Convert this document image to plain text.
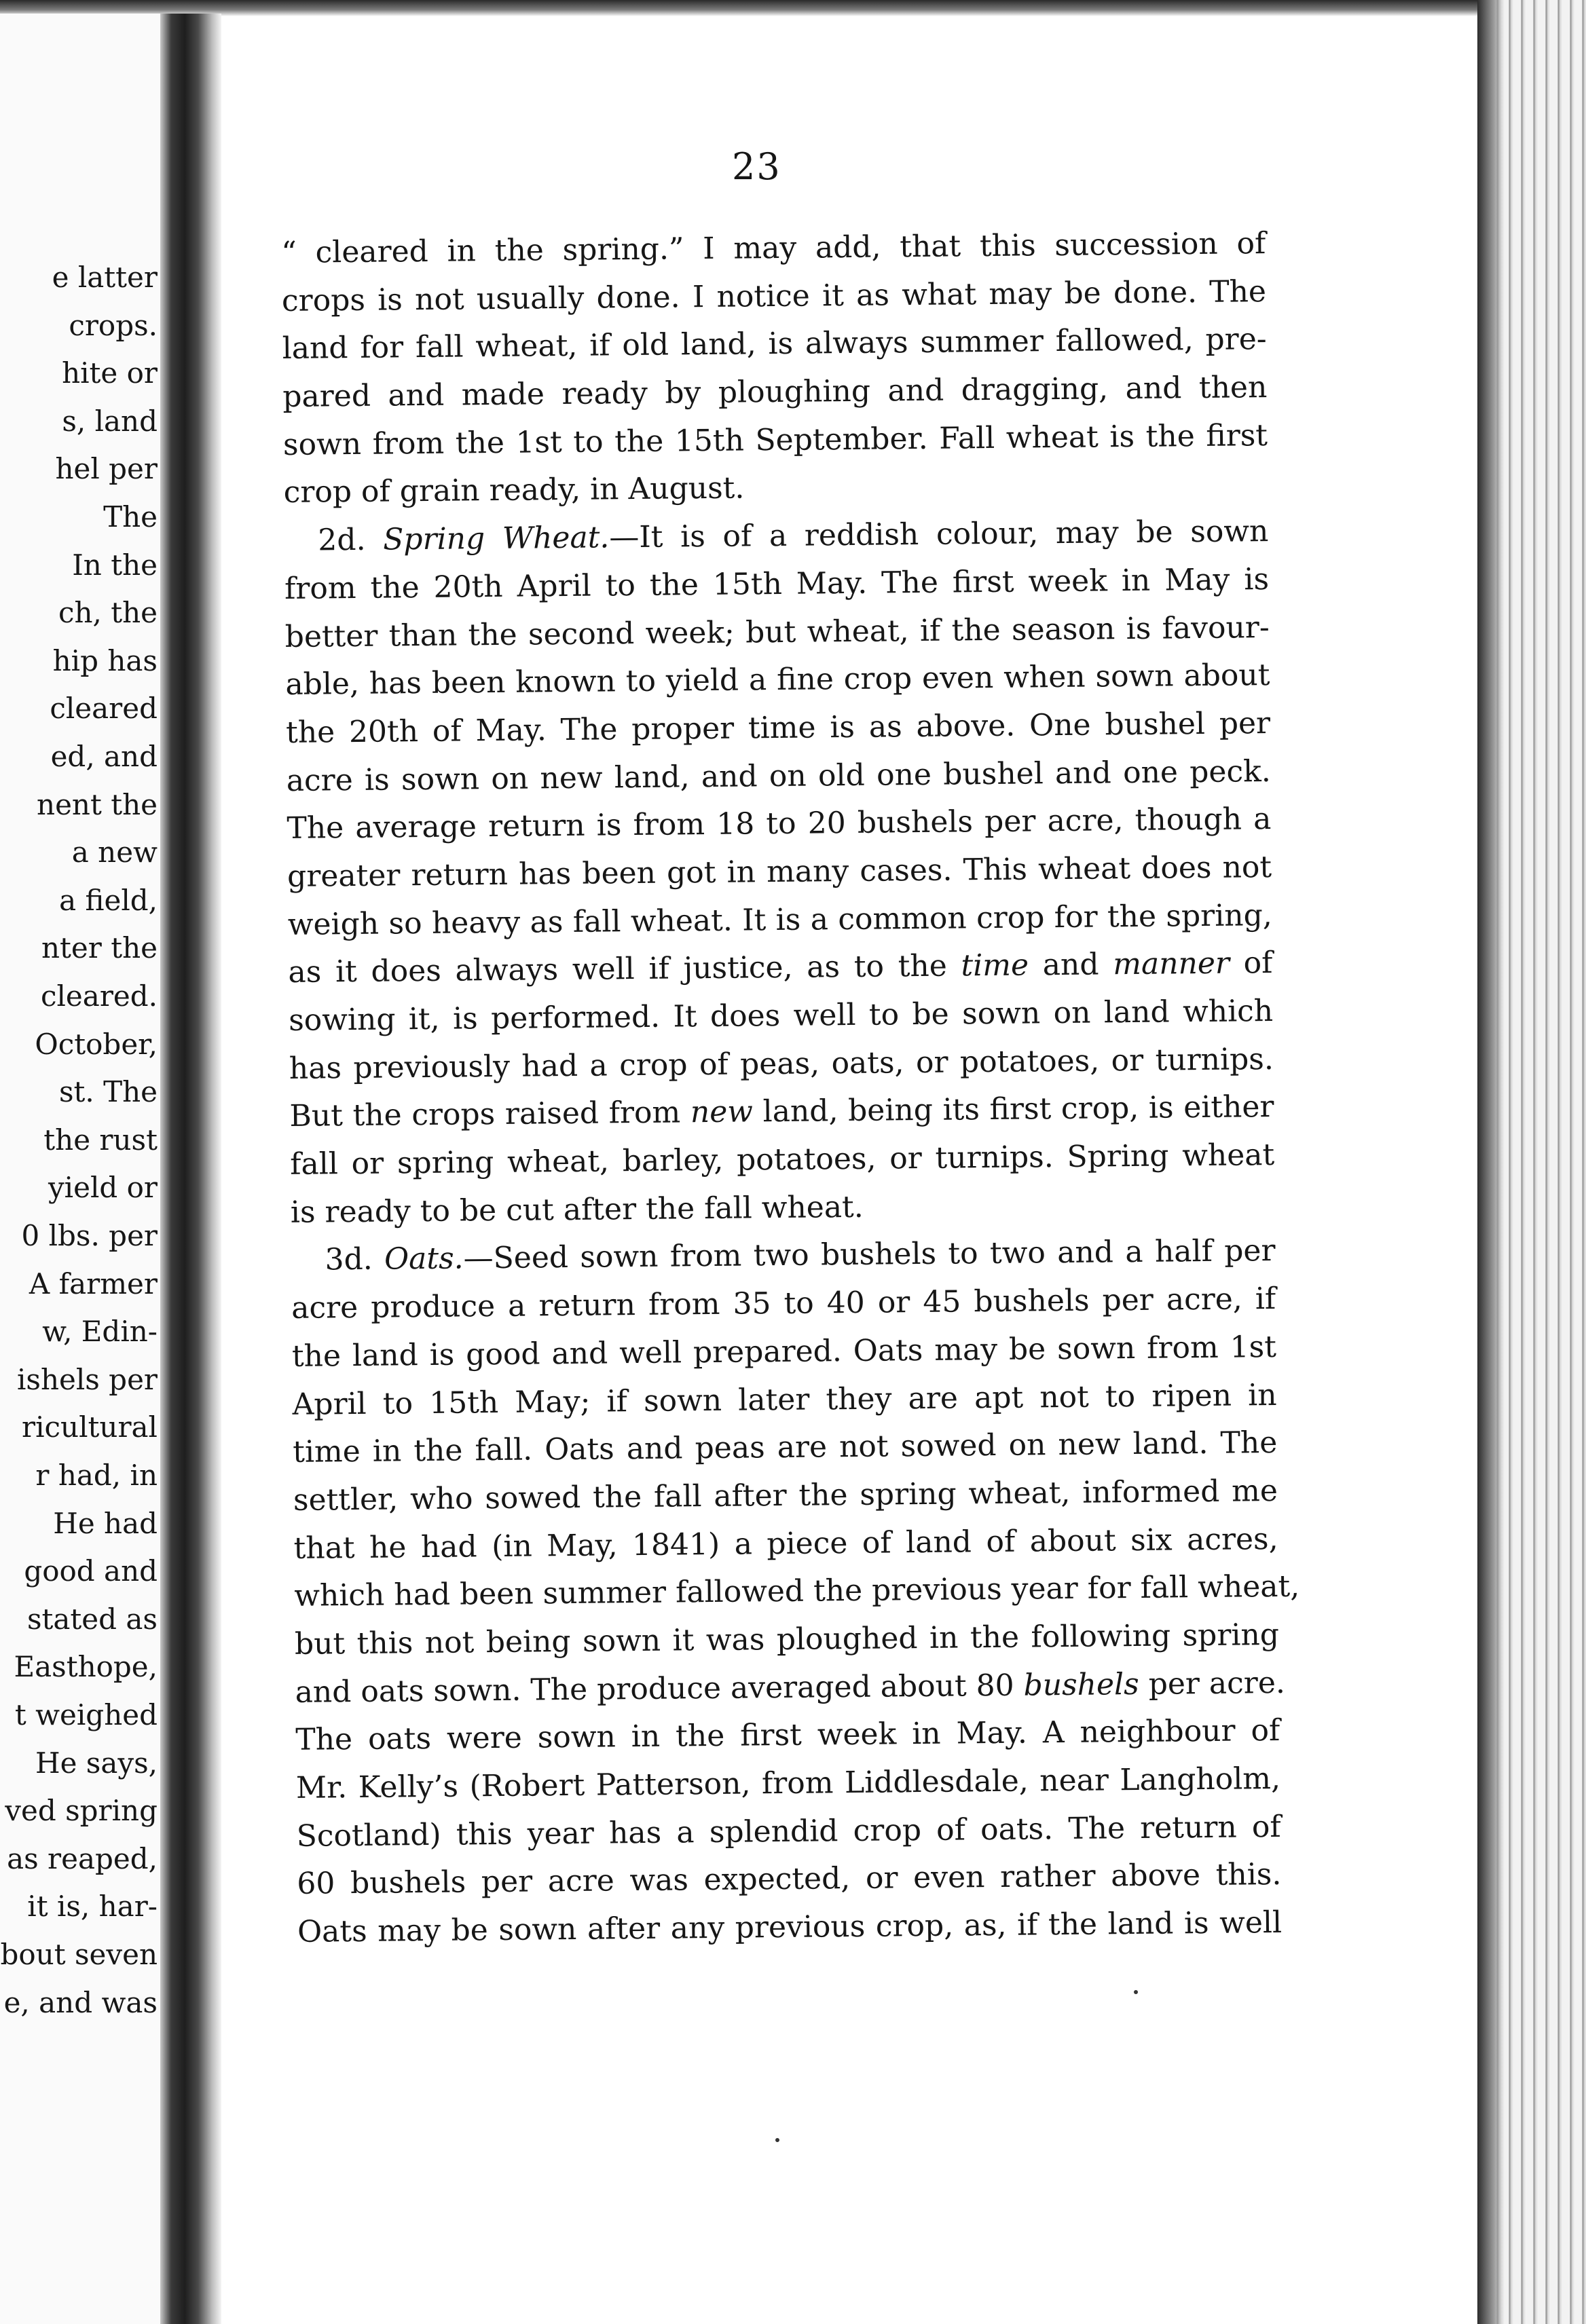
e latter
crops.
hite or
s, land
hel per
The
In the
ch, the
hip has
cleared
ed, and
nent the
a new
a field,
nter the
cleared.
October,
st. The
the rust
yield or
0 lbs. per
A farmer
w, Edin-
ishels per
ricultural
r had, in
He had
good and
stated as
Easthope,
t weighed
He says,
ved spring
as reaped,
it is, har-
bout seven
e, and was
23
“ cleared in the spring.” I may add, that this succession of
crops is not usually done. I notice it as what may be done. The
land for fall wheat, if old land, is always summer fallowed, pre-
pared and made ready by ploughing and dragging, and then
sown from the 1st to the 15th September. Fall wheat is the first
crop of grain ready, in August.
2d. Spring Wheat.—It is of a reddish colour, may be sown
from the 20th April to the 15th May. The first week in May is
better than the second week; but wheat, if the season is favour-
able, has been known to yield a fine crop even when sown about
the 20th of May. The proper time is as above. One bushel per
acre is sown on new land, and on old one bushel and one peck.
The average return is from 18 to 20 bushels per acre, though a
greater return has been got in many cases. This wheat does not
weigh so heavy as fall wheat. It is a common crop for the spring,
as it does always well if justice, as to the time and manner of
sowing it, is performed. It does well to be sown on land which
has previously had a crop of peas, oats, or potatoes, or turnips.
But the crops raised from new land, being its first crop, is either
fall or spring wheat, barley, potatoes, or turnips. Spring wheat
is ready to be cut after the fall wheat.
3d. Oats.—Seed sown from two bushels to two and a half per
acre produce a return from 35 to 40 or 45 bushels per acre, if
the land is good and well prepared. Oats may be sown from 1st
April to 15th May; if sown later they are apt not to ripen in
time in the fall. Oats and peas are not sowed on new land. The
settler, who sowed the fall after the spring wheat, informed me
that he had (in May, 1841) a piece of land of about six acres,
which had been summer fallowed the previous year for fall wheat,
but this not being sown it was ploughed in the following spring
and oats sown. The produce averaged about 80 bushels per acre.
The oats were sown in the first week in May. A neighbour of
Mr. Kelly’s (Robert Patterson, from Liddlesdale, near Langholm,
Scotland) this year has a splendid crop of oats. The return of
60 bushels per acre was expected, or even rather above this.
Oats may be sown after any previous crop, as, if the land is well
